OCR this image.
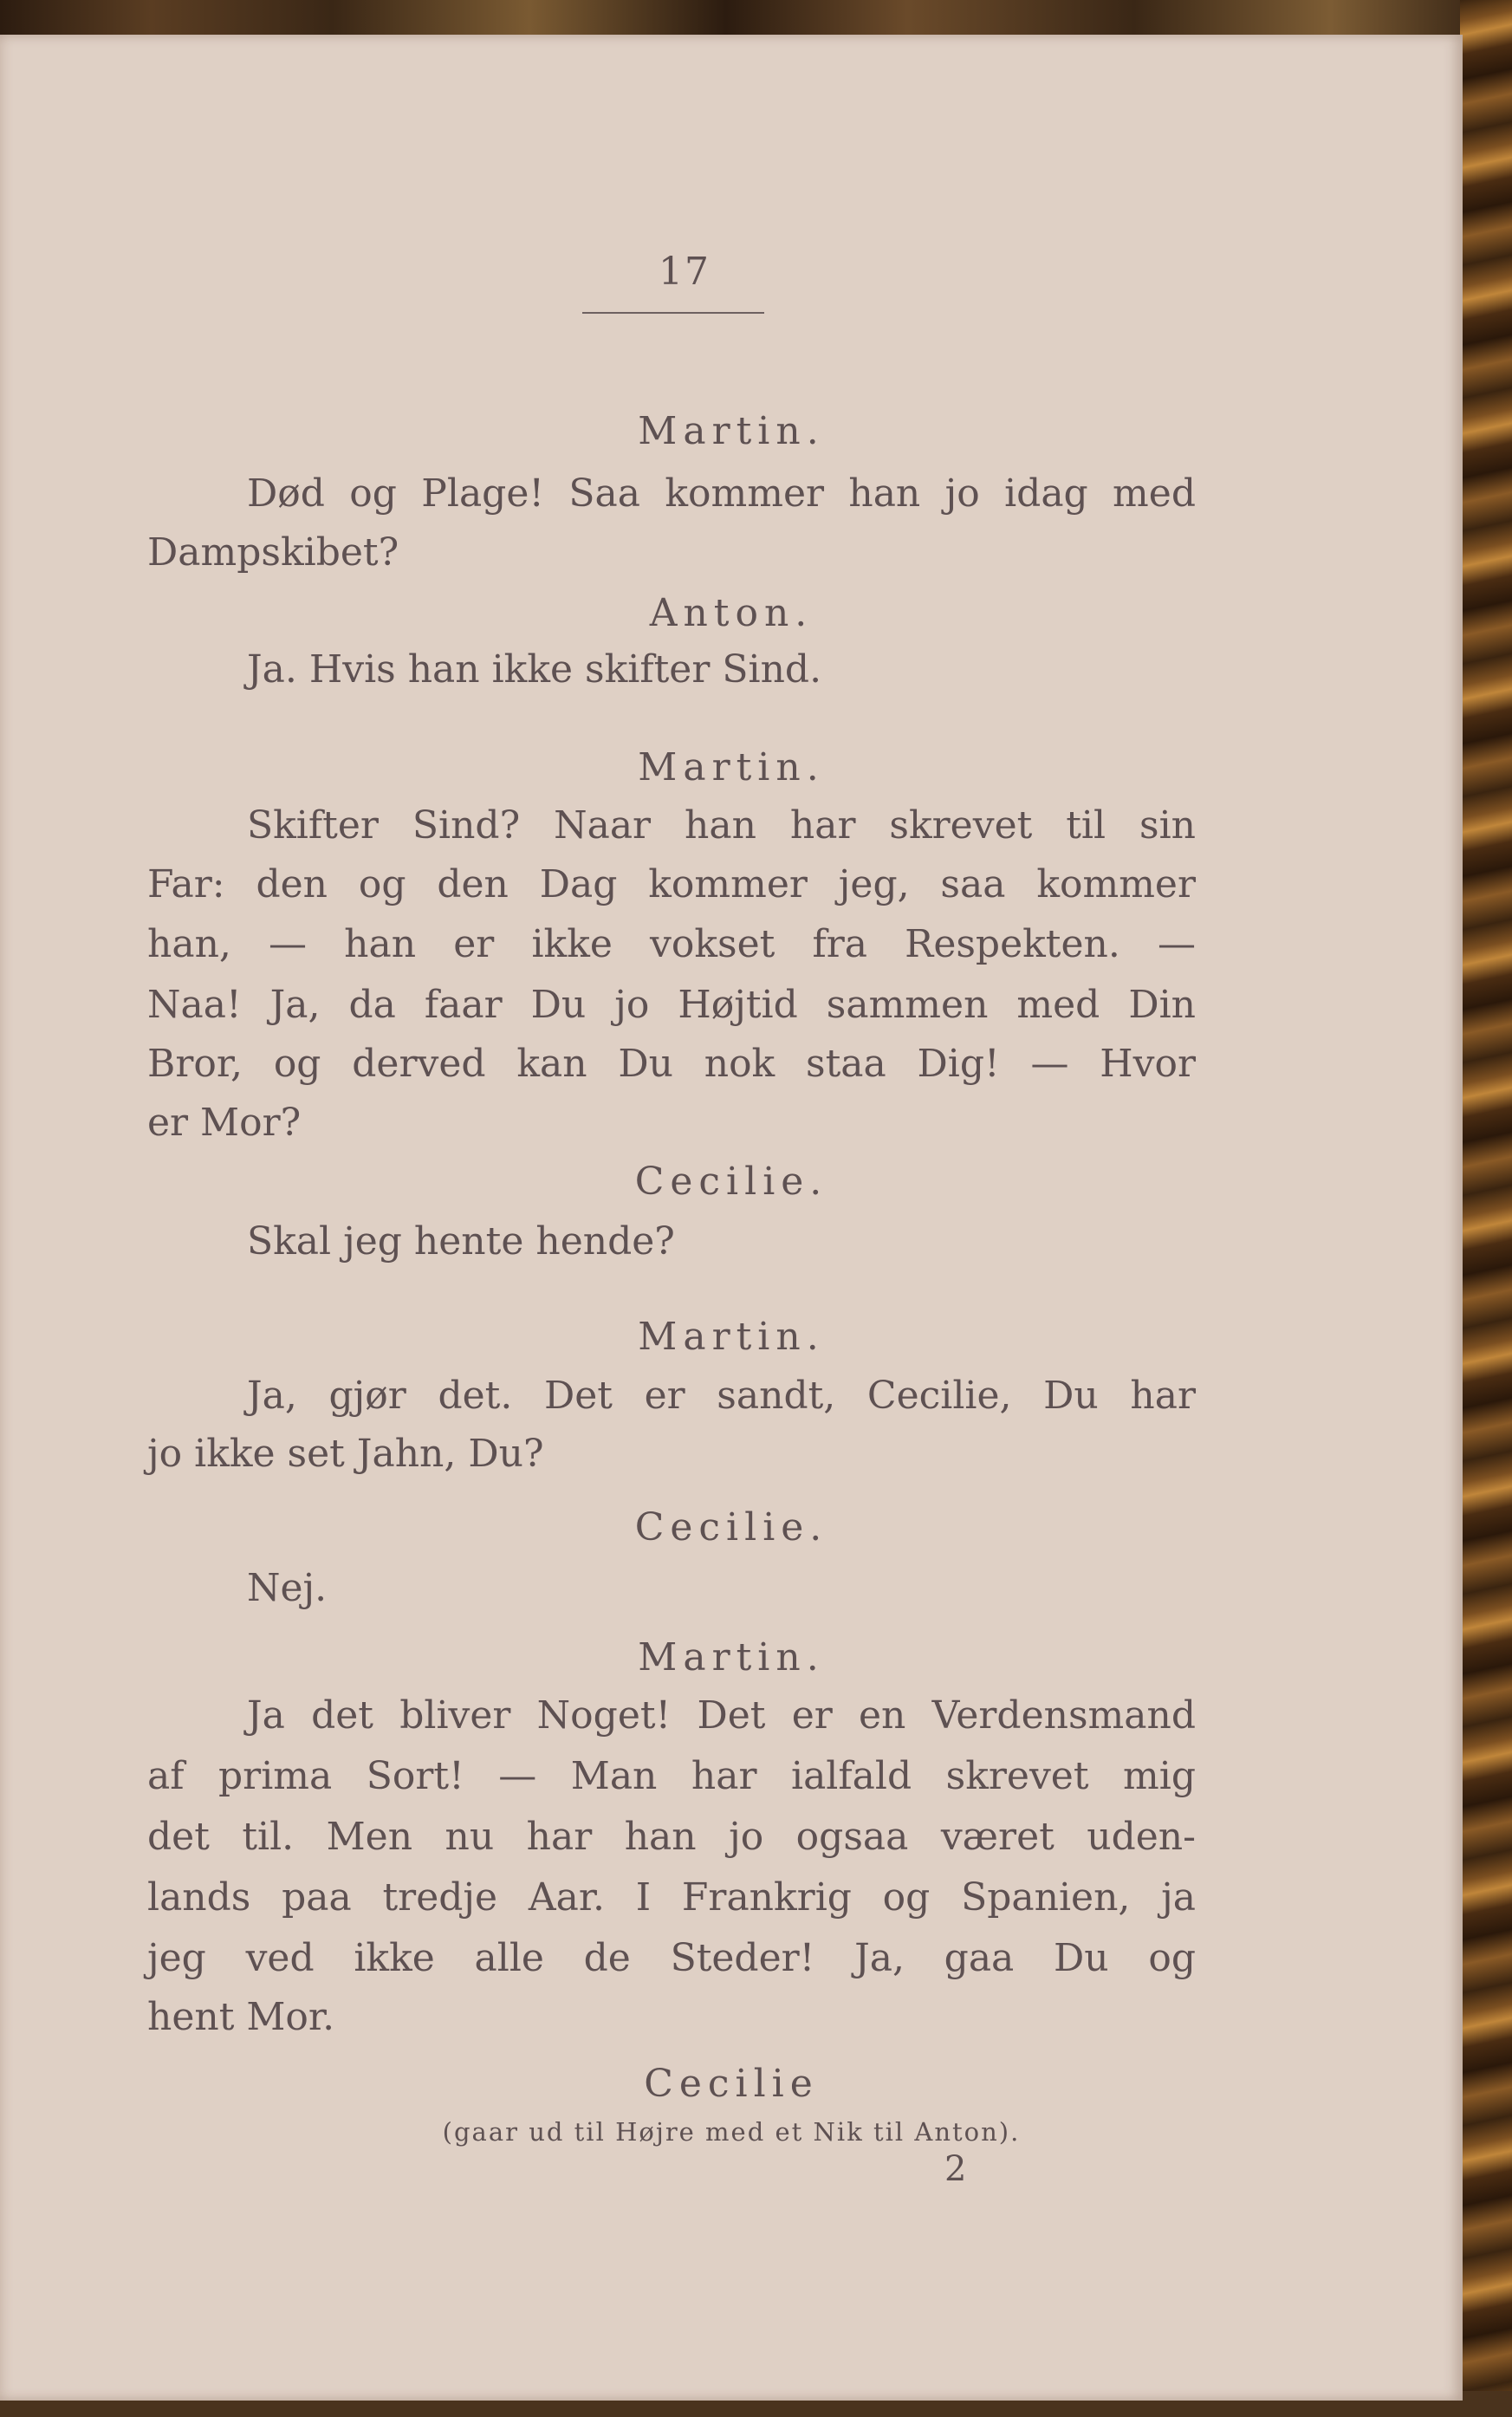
17
Martin.
Død og Plage! Saa kommer han jo idag med
Dampskibet?
Anton.
Ja. Hvis han ikke skifter Sind.
Martin.
Skifter Sind? Naar han har skrevet til sin
Far: den og den Dag kommer jeg, saa kommer
han, — han er ikke vokset fra Respekten. —
Naa! Ja, da faar Du jo Højtid sammen med Din
Bror, og derved kan Du nok staa Dig! — Hvor
er Mor?
Cecilie.
Skal jeg hente hende?
Martin.
Ja, gjør det. Det er sandt, Cecilie, Du har
jo ikke set Jahn, Du?
Cecilie.
Nej.
Martin.
Ja det bliver Noget! Det er en Verdensmand
af prima Sort! — Man har ialfald skrevet mig
det til. Men nu har han jo ogsaa været uden-
lands paa tredje Aar. I Frankrig og Spanien, ja
jeg ved ikke alle de Steder! Ja, gaa Du og
hent Mor.
Cecilie
(gaar ud til Højre med et Nik til Anton).
2
